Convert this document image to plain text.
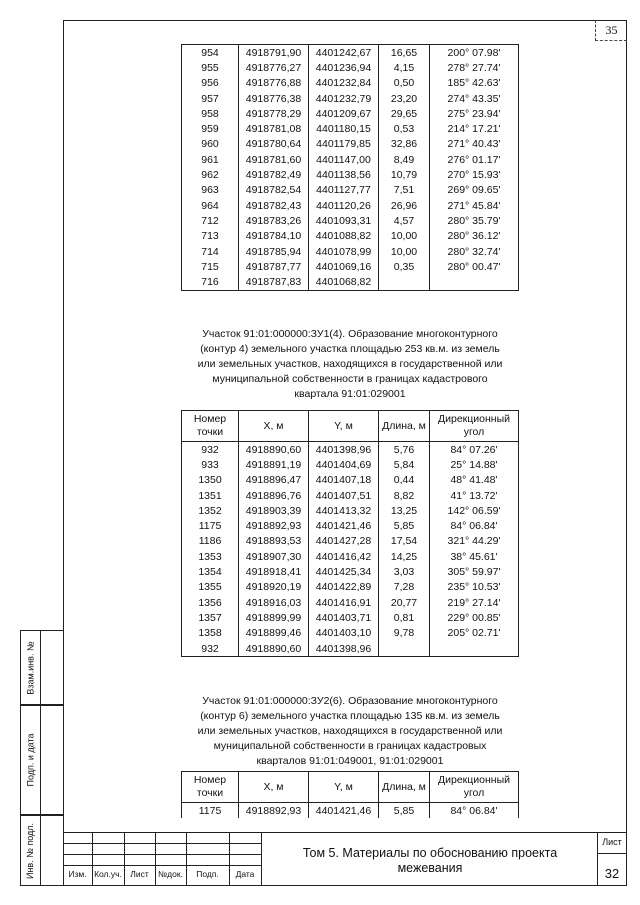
35
954	4918791,90	4401242,67	16,65	200° 07.98'
955	4918776,27	4401236,94	4,15	278° 27.74'
956	4918776,88	4401232,84	0,50	185° 42.63'
957	4918776,38	4401232,79	23,20	274° 43.35'
958	4918778,29	4401209,67	29,65	275° 23.94'
959	4918781,08	4401180,15	0,53	214° 17.21'
960	4918780,64	4401179,85	32,86	271° 40.43'
961	4918781,60	4401147,00	8,49	276° 01.17'
962	4918782,49	4401138,56	10,79	270° 15.93'
963	4918782,54	4401127,77	7,51	269° 09.65'
964	4918782,43	4401120,26	26,96	271° 45.84'
712	4918783,26	4401093,31	4,57	280° 35.79'
713	4918784,10	4401088,82	10,00	280° 36.12'
714	4918785,94	4401078,99	10,00	280° 32.74'
715	4918787,77	4401069,16	0,35	280° 00.47'
716	4918787,83	4401068,82		
Участок 91:01:000000:ЗУ1(4). Образование многоконтурного
(контур 4) земельного участка площадью 253 кв.м. из земель
или земельных участков, находящихся в государственной или
муниципальной собственности в границах кадастрового
квартала 91:01:029001
Номер точки	X, м	Y, м	Длина, м	Дирекционный угол
932	4918890,60	4401398,96	5,76	84° 07.26'
933	4918891,19	4401404,69	5,84	25° 14.88'
1350	4918896,47	4401407,18	0,44	48° 41.48'
1351	4918896,76	4401407,51	8,82	41° 13.72'
1352	4918903,39	4401413,32	13,25	142° 06.59'
1175	4918892,93	4401421,46	5,85	84° 06.84'
1186	4918893,53	4401427,28	17,54	321° 44.29'
1353	4918907,30	4401416,42	14,25	38° 45.61'
1354	4918918,41	4401425,34	3,03	305° 59.97'
1355	4918920,19	4401422,89	7,28	235° 10.53'
1356	4918916,03	4401416,91	20,77	219° 27.14'
1357	4918899,99	4401403,71	0,81	229° 00.85'
1358	4918899,46	4401403,10	9,78	205° 02.71'
932	4918890,60	4401398,96		
Участок 91:01:000000:ЗУ2(6). Образование многоконтурного
(контур 6) земельного участка площадью 135 кв.м. из земель
или земельных участков, находящихся в государственной или
муниципальной собственности в границах кадастровых
кварталов 91:01:049001, 91:01:029001
Номер точки	X, м	Y, м	Длина, м	Дирекционный угол
1175	4918892,93	4401421,46	5,85	84° 06.84'
Взам.инв. №
Подп. и дата
Инв. № подл.	Изм. Кол.уч. Лист	№док.	Подп.	Дата
Том 5. Материалы по обоснованию проекта межевания
Лист
32
